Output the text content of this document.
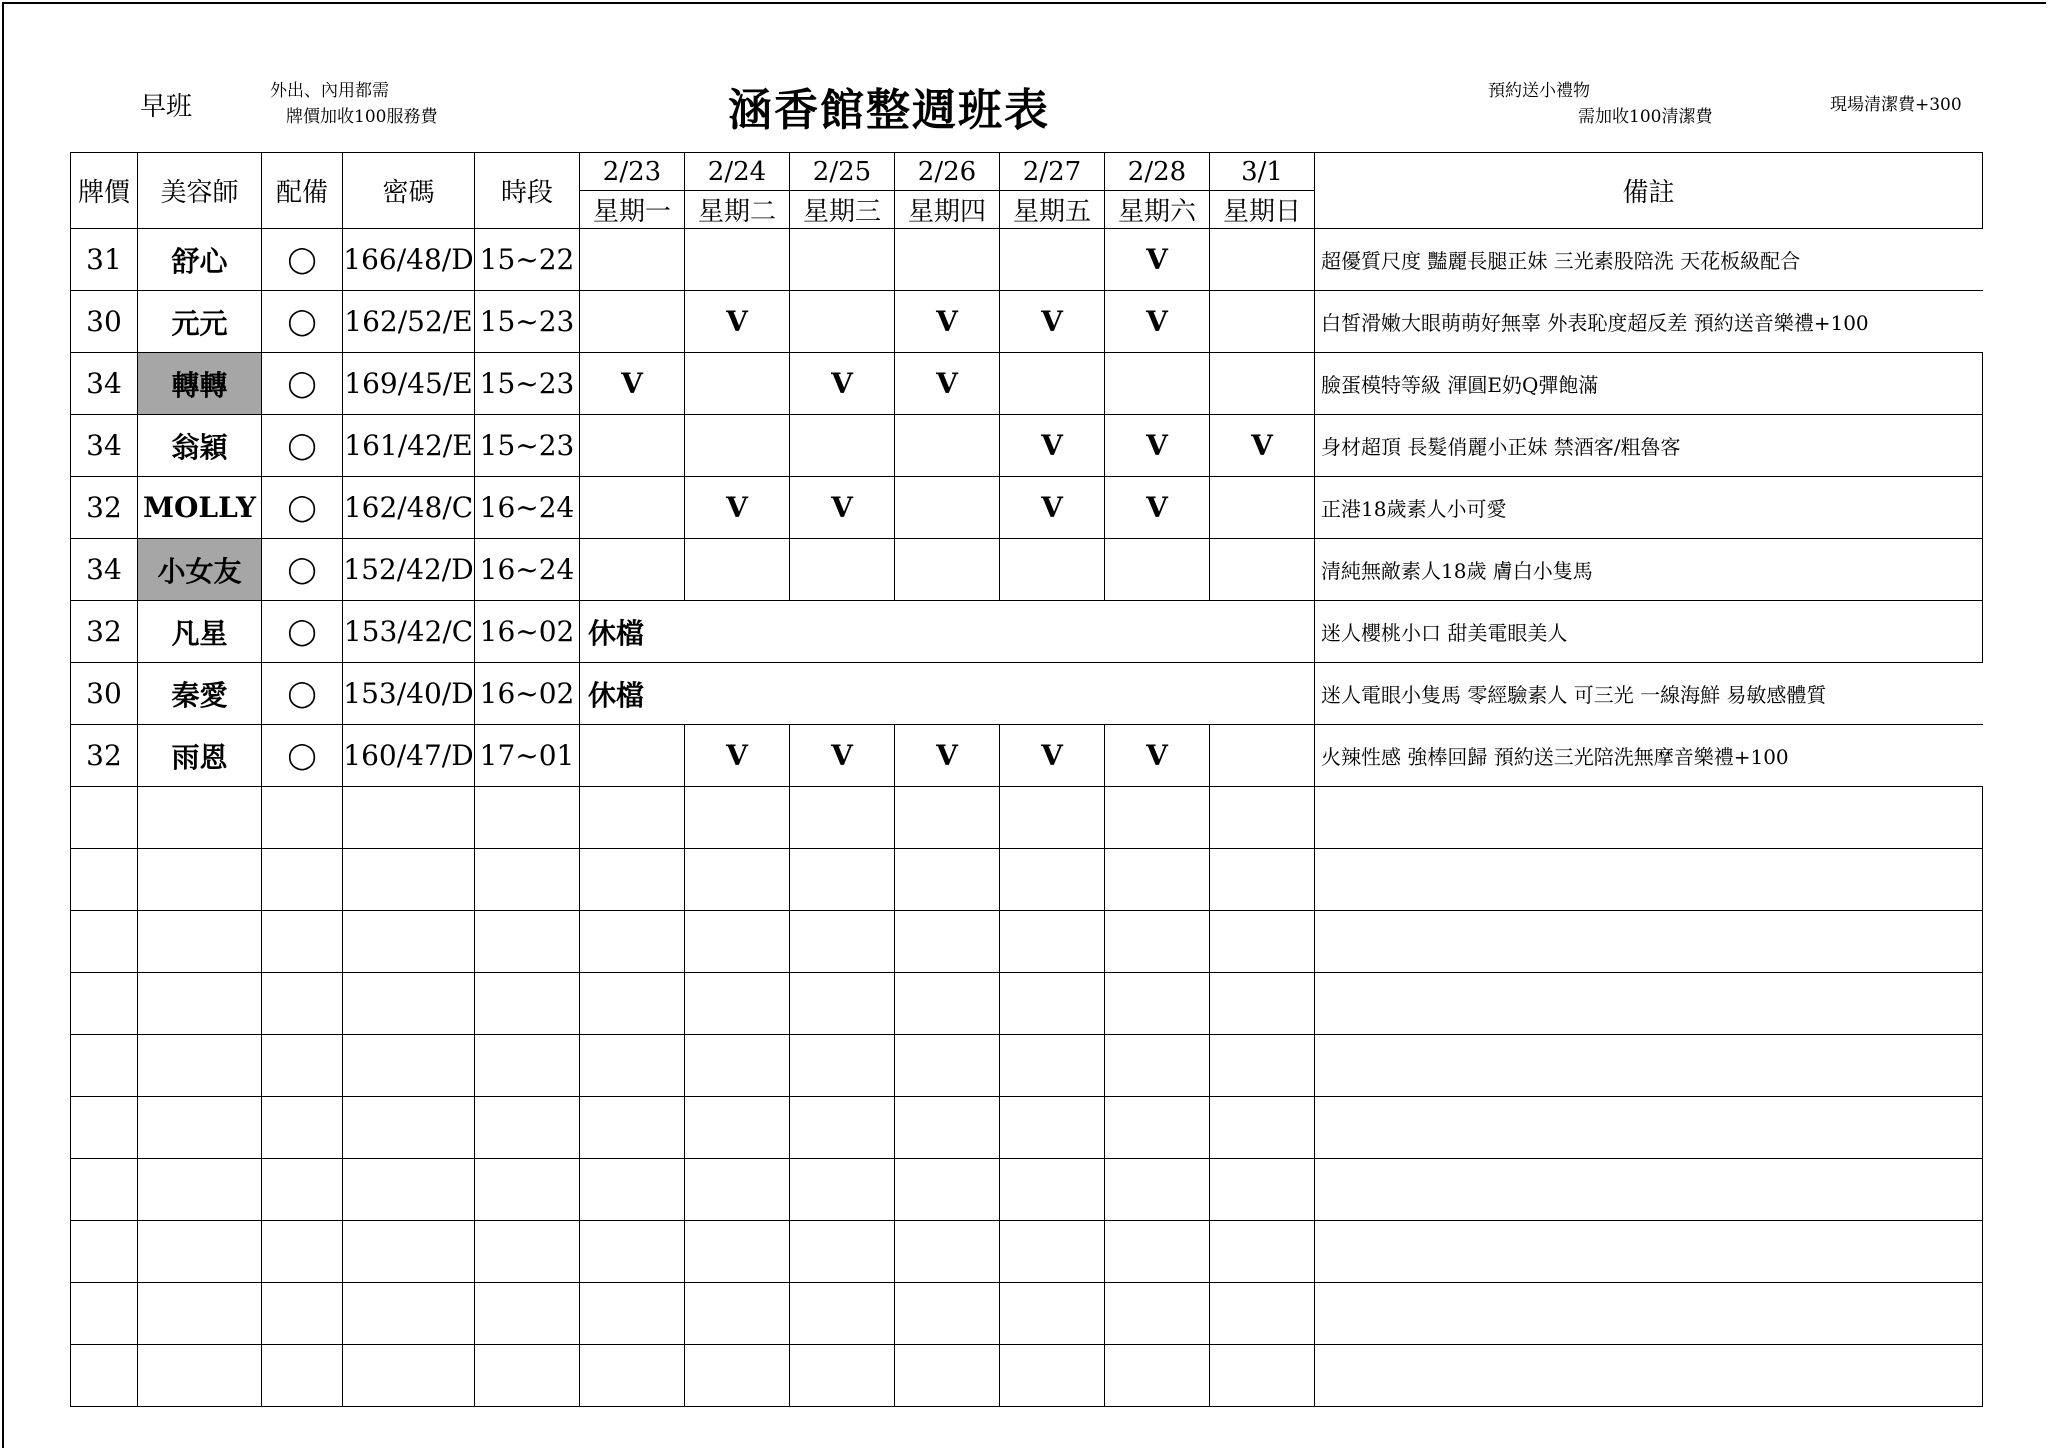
早班
外出、內用都需
牌價加收100服務費	涵香館整週班表	預約送小禮物
需加收100清潔費
現場清潔費+300
牌價	美容師	配備	密碼	時段	2/23	2/24	2/25	2/26	2/27	2/28	3/1	備註
					星期一	星期二	星期三	星期四	星期五	星期六	星期日	
31	舒心	◯	166/48/D	15~22						V		超優質尺度 豔麗長腿正妹 三光素股陪洗 天花板級配合
30	元元	◯	162/52/E	15~23		V		V	V	V		白皙滑嫩大眼萌萌好無辜 外表恥度超反差 預約送音樂禮+100
34	轉轉	◯	169/45/E	15~23	V		V	V				臉蛋模特等級 渾圓E奶Q彈飽滿
34	翁穎	◯	161/42/E	15~23					V	V	V	身材超頂 長髮俏麗小正妹 禁酒客/粗魯客
32	MOLLY	◯	162/48/C	16~24		V	V		V	V		正港18歲素人小可愛
34	小女友	◯	152/42/D	16~24								清純無敵素人18歲 膚白小隻馬
32	凡星	◯	153/42/C	16~02	休檔							迷人櫻桃小口 甜美電眼美人
30	秦愛	◯	153/40/D	16~02	休檔							迷人電眼小隻馬 零經驗素人 可三光 一線海鮮 易敏感體質
32	雨恩	◯	160/47/D	17~01		V	V	V	V	V		火辣性感 強棒回歸 預約送三光陪洗無摩音樂禮+100
